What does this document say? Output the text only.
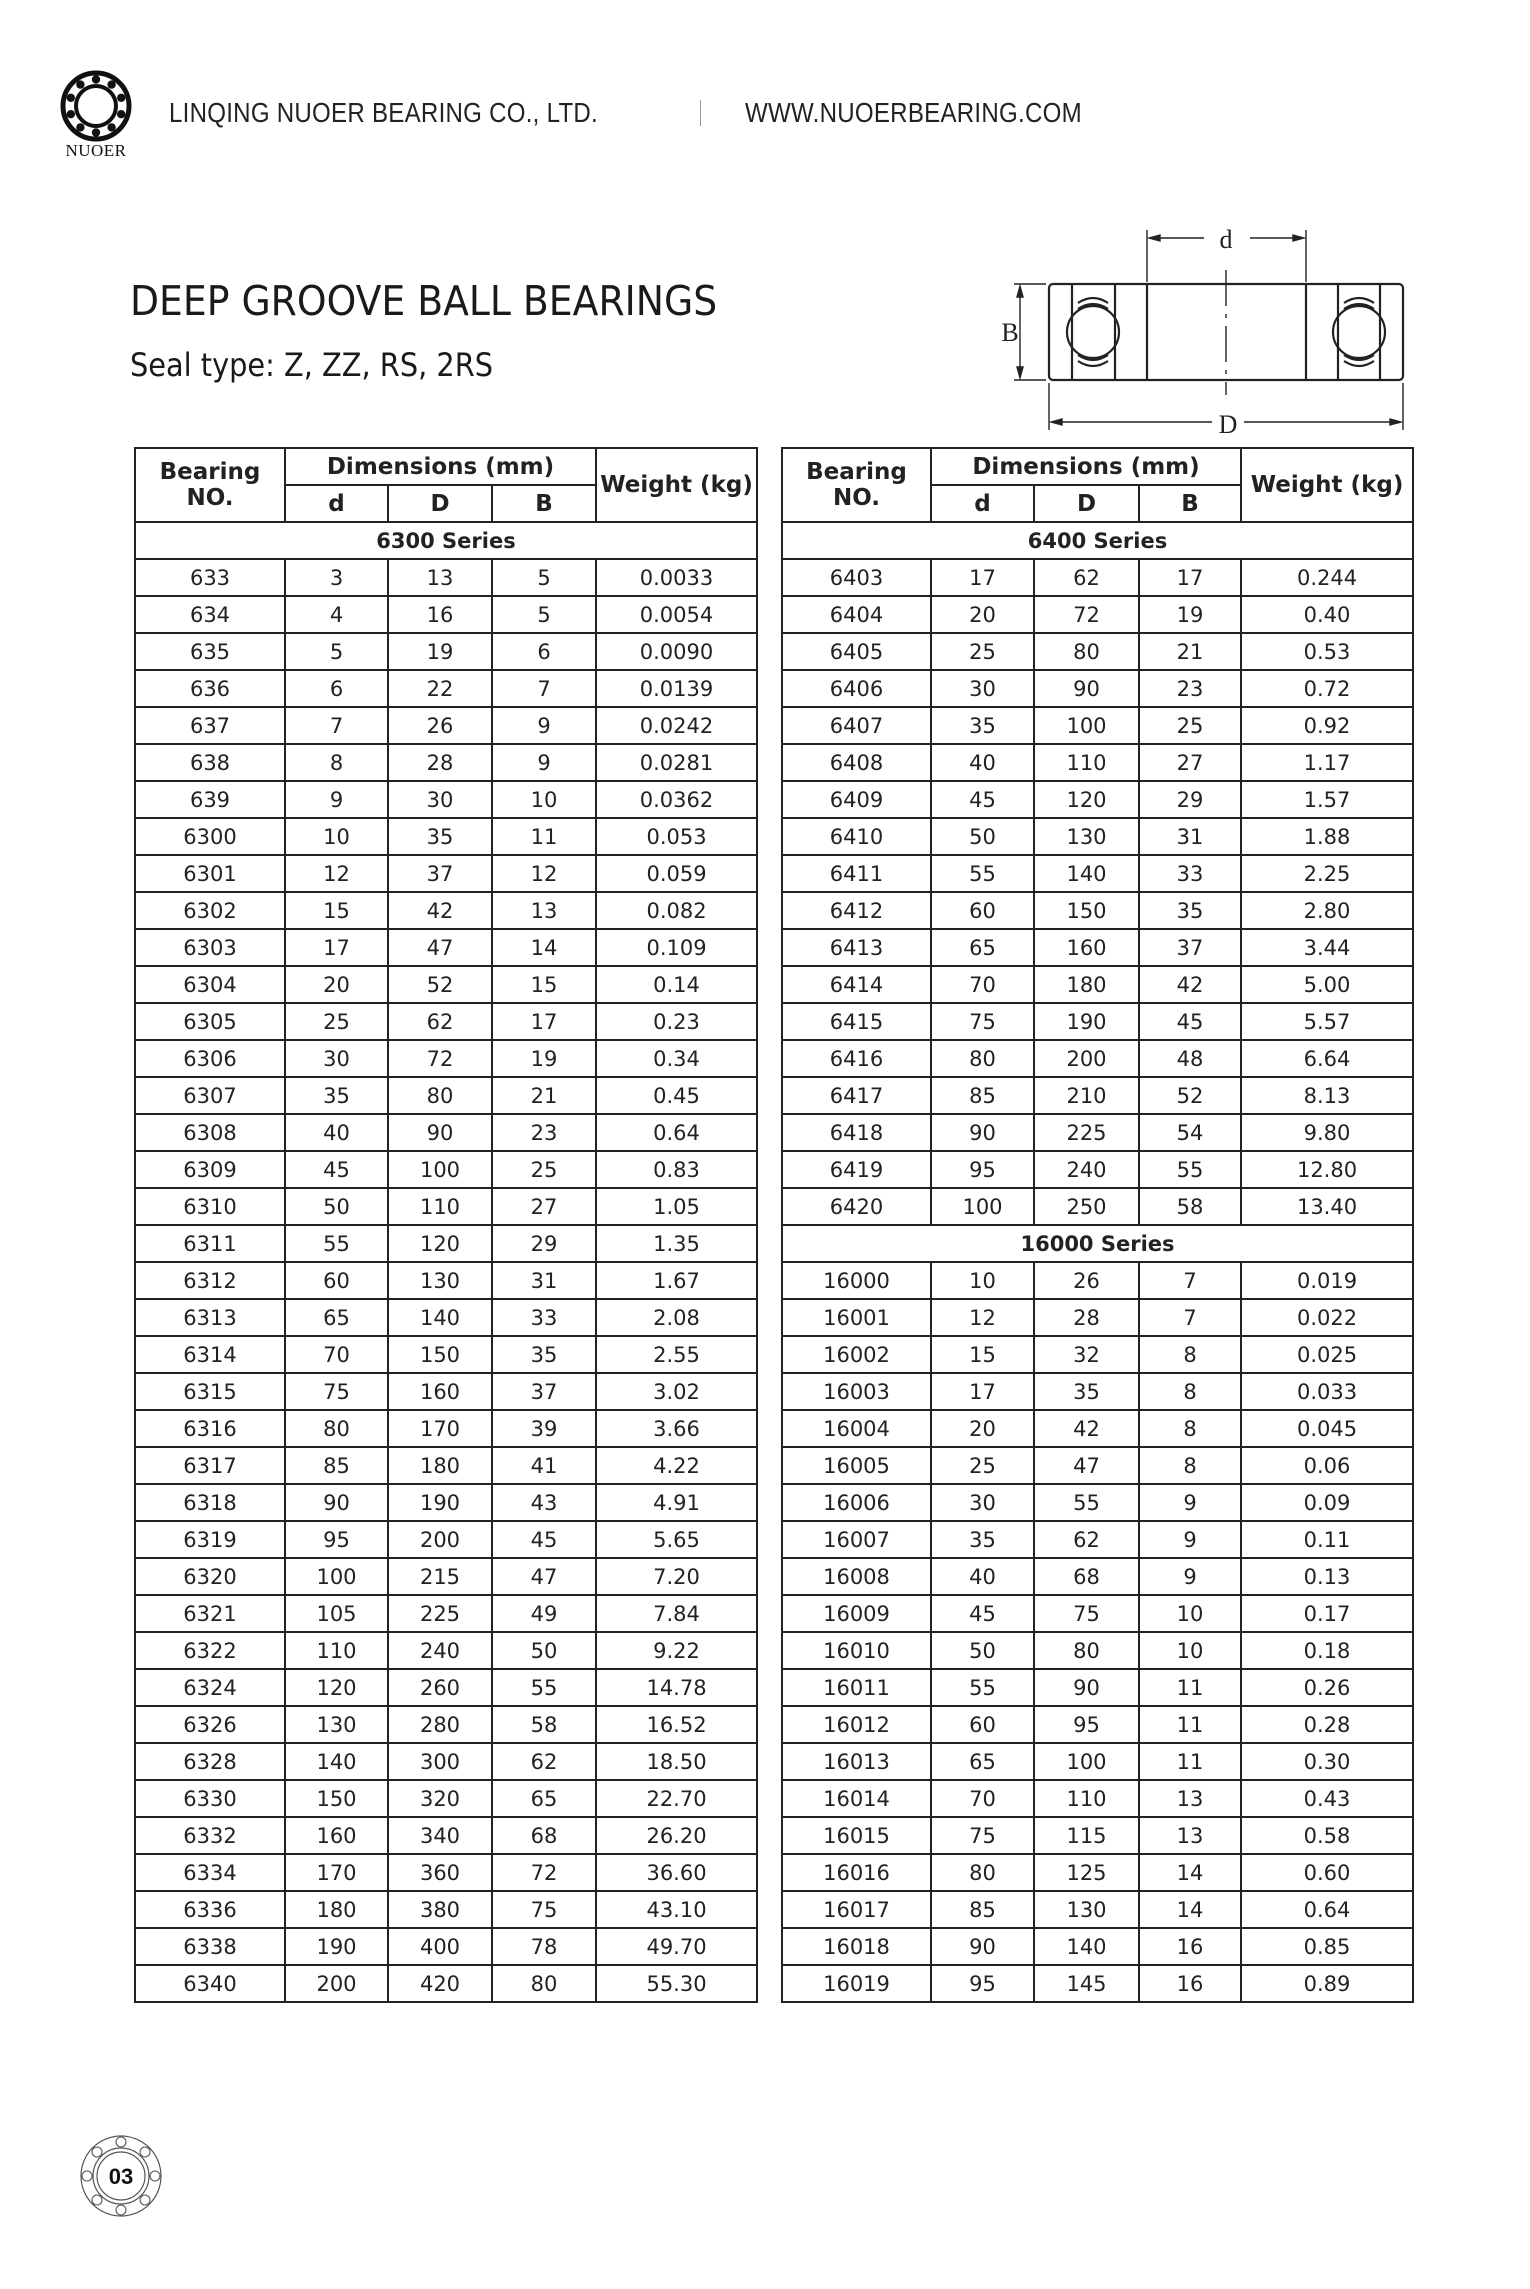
NUOER
LINQING NUOER BEARING CO., LTD.	WWW.NUOERBEARING.COM
DEEP GROOVE BALL BEARINGS
Seal type: Z, ZZ, RS, 2RS
d
B
D
Bearing
NO.	Dimensions (mm)			Weight (kg)
	d	D	B	
6300 Series				
633	3	13	5	0.0033
634	4	16	5	0.0054
635	5	19	6	0.0090
636	6	22	7	0.0139
637	7	26	9	0.0242
638	8	28	9	0.0281
639	9	30	10	0.0362
6300	10	35	11	0.053
6301	12	37	12	0.059
6302	15	42	13	0.082
6303	17	47	14	0.109
6304	20	52	15	0.14
6305	25	62	17	0.23
6306	30	72	19	0.34
6307	35	80	21	0.45
6308	40	90	23	0.64
6309	45	100	25	0.83
6310	50	110	27	1.05
6311	55	120	29	1.35
6312	60	130	31	1.67
6313	65	140	33	2.08
6314	70	150	35	2.55
6315	75	160	37	3.02
6316	80	170	39	3.66
6317	85	180	41	4.22
6318	90	190	43	4.91
6319	95	200	45	5.65
6320	100	215	47	7.20
6321	105	225	49	7.84
6322	110	240	50	9.22
6324	120	260	55	14.78
6326	130	280	58	16.52
6328	140	300	62	18.50
6330	150	320	65	22.70
6332	160	340	68	26.20
6334	170	360	72	36.60
6336	180	380	75	43.10
6338	190	400	78	49.70
6340	200	420	80	55.30
Bearing
NO.	Dimensions (mm)			Weight (kg)
	d	D	B	
6400 Series				
6403	17	62	17	0.244
6404	20	72	19	0.40
6405	25	80	21	0.53
6406	30	90	23	0.72
6407	35	100	25	0.92
6408	40	110	27	1.17
6409	45	120	29	1.57
6410	50	130	31	1.88
6411	55	140	33	2.25
6412	60	150	35	2.80
6413	65	160	37	3.44
6414	70	180	42	5.00
6415	75	190	45	5.57
6416	80	200	48	6.64
6417	85	210	52	8.13
6418	90	225	54	9.80
6419	95	240	55	12.80
6420	100	250	58	13.40
16000 Series				
16000	10	26	7	0.019
16001	12	28	7	0.022
16002	15	32	8	0.025
16003	17	35	8	0.033
16004	20	42	8	0.045
16005	25	47	8	0.06
16006	30	55	9	0.09
16007	35	62	9	0.11
16008	40	68	9	0.13
16009	45	75	10	0.17
16010	50	80	10	0.18
16011	55	90	11	0.26
16012	60	95	11	0.28
16013	65	100	11	0.30
16014	70	110	13	0.43
16015	75	115	13	0.58
16016	80	125	14	0.60
16017	85	130	14	0.64
16018	90	140	16	0.85
16019	95	145	16	0.89
03
